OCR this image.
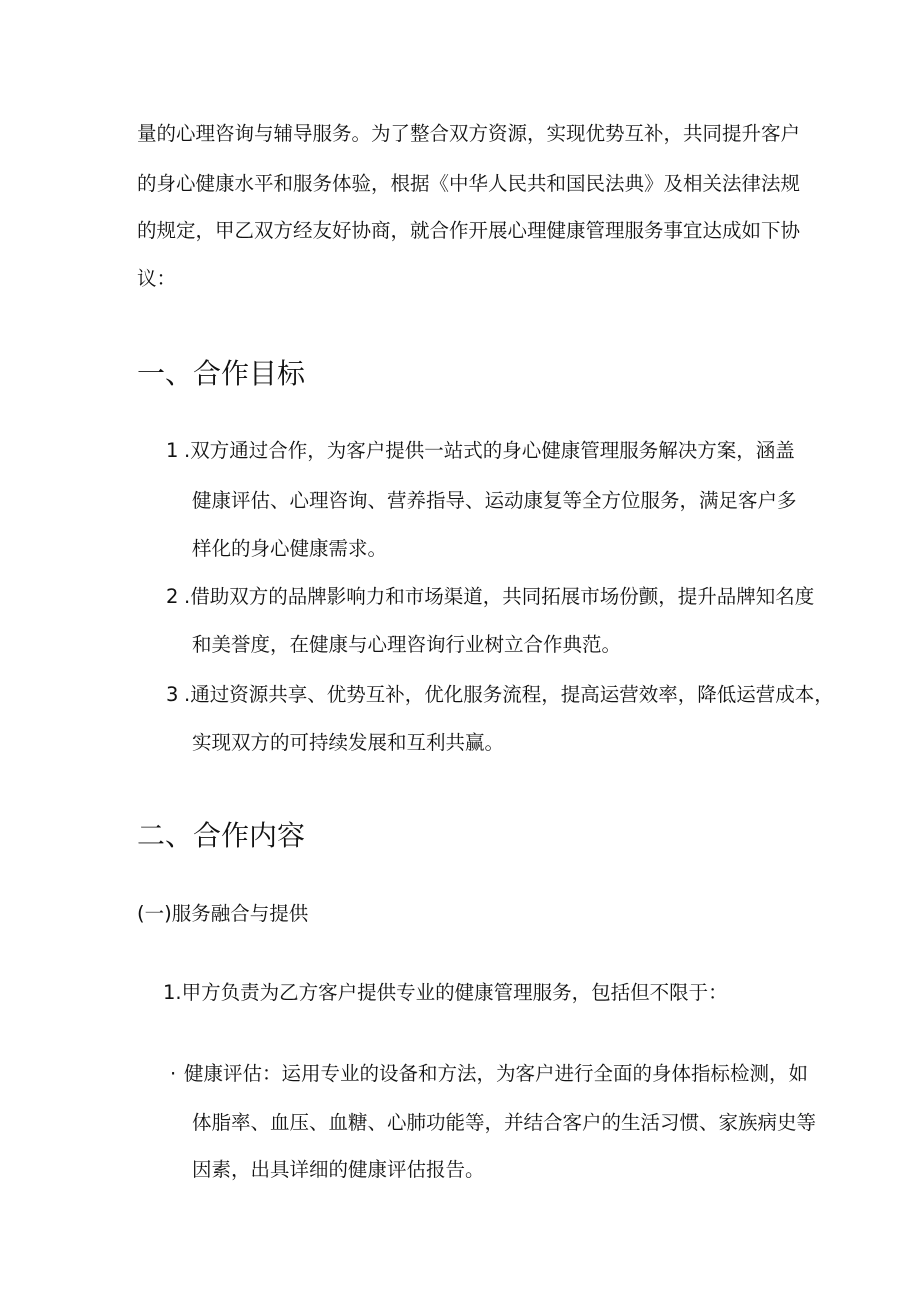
量的心理咨询与辅导服务。为了整合双方资源，实现优势互补，共同提升客户
的身心健康水平和服务体验，根据《中华人民共和国民法典》及相关法律法规
的规定，甲乙双方经友好协商，就合作开展心理健康管理服务事宜达成如下协
议：
一、合作目标
1 .双方通过合作，为客户提供一站式的身心健康管理服务解决方案，涵盖
健康评估、心理咨询、营养指导、运动康复等全方位服务，满足客户多
样化的身心健康需求。
2 .借助双方的品牌影响力和市场渠道，共同拓展市场份颤，提升品牌知名度
和美誉度，在健康与心理咨询行业树立合作典范。
3 .通过资源共享、优势互补，优化服务流程，提高运营效率，降低运营成本，
实现双方的可持续发展和互利共赢。
二、合作内容
(一)服务融合与提供
1.甲方负责为乙方客户提供专业的健康管理服务，包括但不限于：
· 健康评估：运用专业的设备和方法，为客户进行全面的身体指标检测，如
体脂率、血压、血糖、心肺功能等，并结合客户的生活习惯、家族病史等
因素，出具详细的健康评估报告。
